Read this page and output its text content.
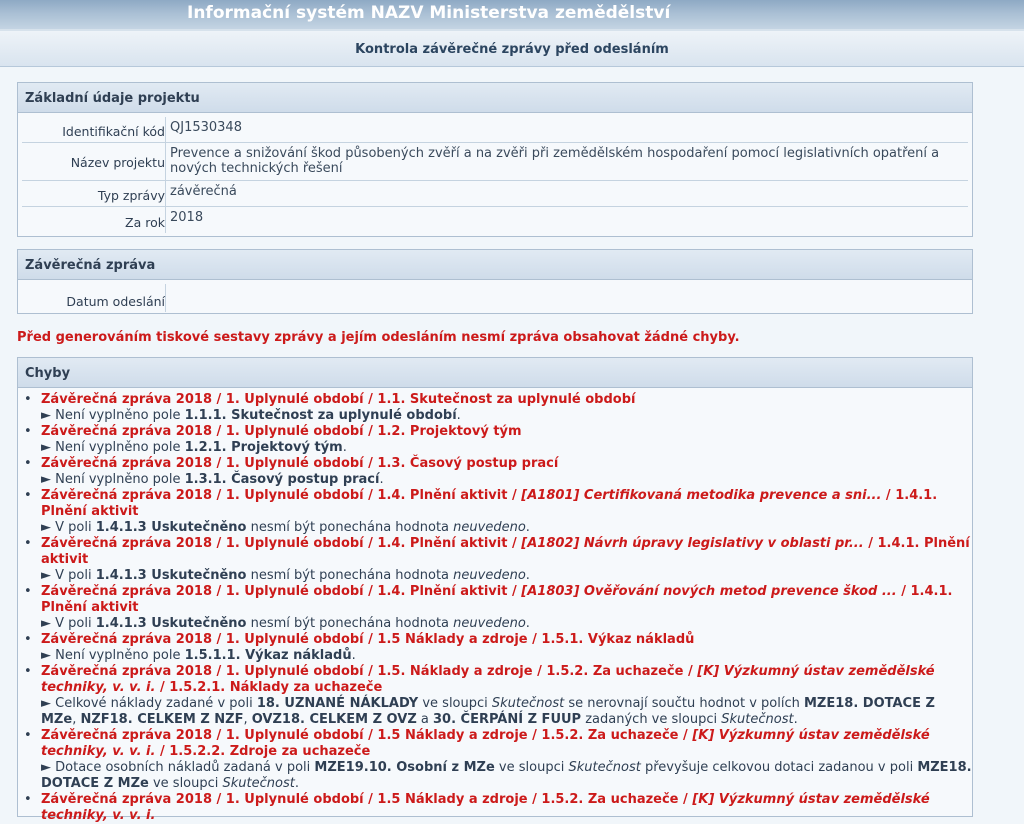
Informační systém NAZV Ministerstva zemědělství
Kontrola závěrečné zprávy před odesláním
Základní údaje projektu
Identifikační kód QJ1530348
Název projektu
Prevence a snižování škod působených zvěří a na zvěři při zemědělském hospodaření pomocí legislativních opatření a nových technických řešení
Typ zprávy závěrečná
Za rok 2018
Závěrečná zpráva
Datum odeslání
Před generováním tiskové sestavy zprávy a jejím odesláním nesmí zpráva obsahovat žádné chyby.
Chyby
• Závěrečná zpráva 2018 / 1. Uplynulé období / 1.1. Skutečnost za uplynulé období
► Není vyplněno pole 1.1.1. Skutečnost za uplynulé období.
• Závěrečná zpráva 2018 / 1. Uplynulé období / 1.2. Projektový tým
► Není vyplněno pole 1.2.1. Projektový tým.
• Závěrečná zpráva 2018 / 1. Uplynulé období / 1.3. Časový postup prací
► Není vyplněno pole 1.3.1. Časový postup prací.
• Závěrečná zpráva 2018 / 1. Uplynulé období / 1.4. Plnění aktivit / [A1801] Certifikovaná metodika prevence a sni... / 1.4.1. Plnění aktivit
► V poli 1.4.1.3 Uskutečněno nesmí být ponechána hodnota neuvedeno.
• Závěrečná zpráva 2018 / 1. Uplynulé období / 1.4. Plnění aktivit / [A1802] Návrh úpravy legislativy v oblasti pr... / 1.4.1. Plnění aktivit
► V poli 1.4.1.3 Uskutečněno nesmí být ponechána hodnota neuvedeno.
• Závěrečná zpráva 2018 / 1. Uplynulé období / 1.4. Plnění aktivit / [A1803] Ověřování nových metod prevence škod ... / 1.4.1. Plnění aktivit
► V poli 1.4.1.3 Uskutečněno nesmí být ponechána hodnota neuvedeno.
• Závěrečná zpráva 2018 / 1. Uplynulé období / 1.5 Náklady a zdroje / 1.5.1. Výkaz nákladů
► Není vyplněno pole 1.5.1.1. Výkaz nákladů.
• Závěrečná zpráva 2018 / 1. Uplynulé období / 1.5. Náklady a zdroje / 1.5.2. Za uchazeče / [K] Výzkumný ústav zemědělské techniky, v. v. i. / 1.5.2.1. Náklady za uchazeče
► Celkové náklady zadané v poli 18. UZNANÉ NÁKLADY ve sloupci Skutečnost se nerovnají součtu hodnot v polích MZE18. DOTACE Z MZe, NZF18. CELKEM Z NZF, OVZ18. CELKEM Z OVZ a 30. ČERPÁNÍ Z FUUP zadaných ve sloupci Skutečnost.
• Závěrečná zpráva 2018 / 1. Uplynulé období / 1.5 Náklady a zdroje / 1.5.2. Za uchazeče / [K] Výzkumný ústav zemědělské techniky, v. v. i. / 1.5.2.2. Zdroje za uchazeče
► Dotace osobních nákladů zadaná v poli MZE19.10. Osobní z MZe ve sloupci Skutečnost převyšuje celkovou dotaci zadanou v poli MZE18. DOTACE Z MZe ve sloupci Skutečnost.
• Závěrečná zpráva 2018 / 1. Uplynulé období / 1.5 Náklady a zdroje / 1.5.2. Za uchazeče / [K] Výzkumný ústav zemědělské techniky, v. v. i.
